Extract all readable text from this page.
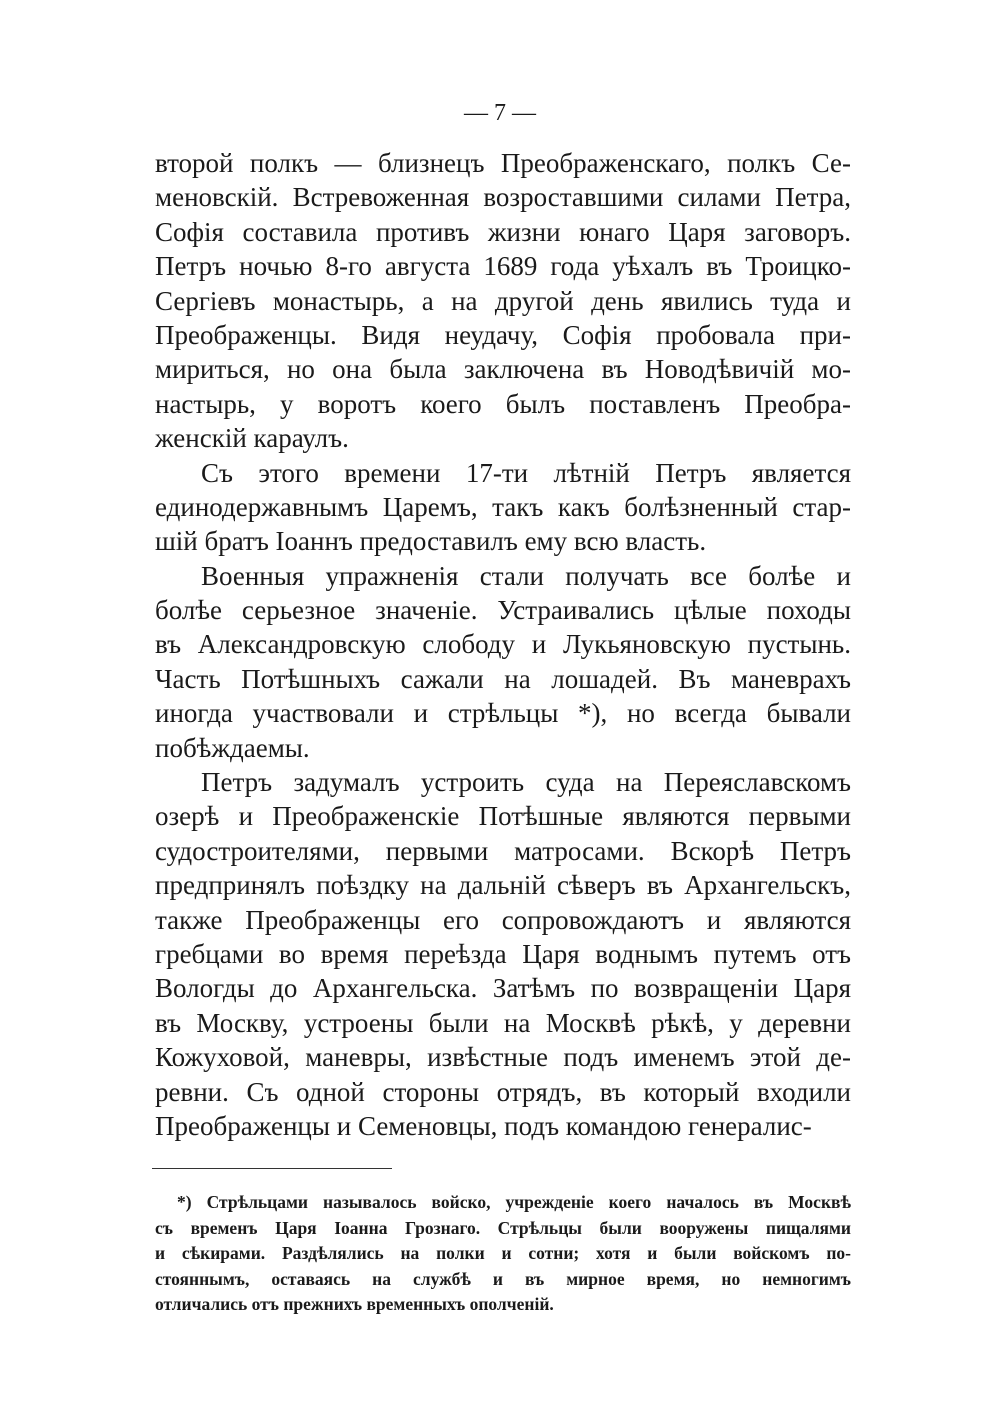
— 7 —
второй полкъ — близнецъ Преображенскаго, полкъ Се-
меновскій. Встревоженная возроставшими силами Петра,
Софія составила противъ жизни юнаго Царя заговоръ.
Петръ ночью 8-го августа 1689 года уѣхалъ въ Троицко-
Сергіевъ монастырь, а на другой день явились туда и
Преображенцы. Видя неудачу, Софія пробовала при-
мириться, но она была заключена въ Новодѣвичій мо-
настырь, у воротъ коего былъ поставленъ Преобра-
женскій караулъ.
Съ этого времени 17-ти лѣтній Петръ является
единодержавнымъ Царемъ, такъ какъ болѣзненный стар-
шій братъ Іоаннъ предоставилъ ему всю власть.
Военныя упражненія стали получать все болѣе и
болѣе серьезное значеніе. Устраивались цѣлые походы
въ Александровскую слободу и Лукьяновскую пустынь.
Часть Потѣшныхъ сажали на лошадей. Въ маневрахъ
иногда участвовали и стрѣльцы *), но всегда бывали
побѣждаемы.
Петръ задумалъ устроить суда на Переяславскомъ
озерѣ и Преображенскіе Потѣшные являются первыми
судостроителями, первыми матросами. Вскорѣ Петръ
предпринялъ поѣздку на дальній сѣверъ въ Архангельскъ,
также Преображенцы его сопровождаютъ и являются
гребцами во время переѣзда Царя воднымъ путемъ отъ
Вологды до Архангельска. Затѣмъ по возвращеніи Царя
въ Москву, устроены были на Москвѣ рѣкѣ, у деревни
Кожуховой, маневры, извѣстные подъ именемъ этой де-
ревни. Съ одной стороны отрядъ, въ который входили
Преображенцы и Семеновцы, подъ командою генералис-
*) Стрѣльцами называлось войско, учрежденіе коего началось въ Москвѣ
съ временъ Царя Іоанна Грознаго. Стрѣльцы были вооружены пищалями
и сѣкирами. Раздѣлялись на полки и сотни; хотя и были войскомъ по-
стояннымъ, оставаясь на службѣ и въ мирное время, но немногимъ
отличались отъ прежнихъ временныхъ ополченій.
